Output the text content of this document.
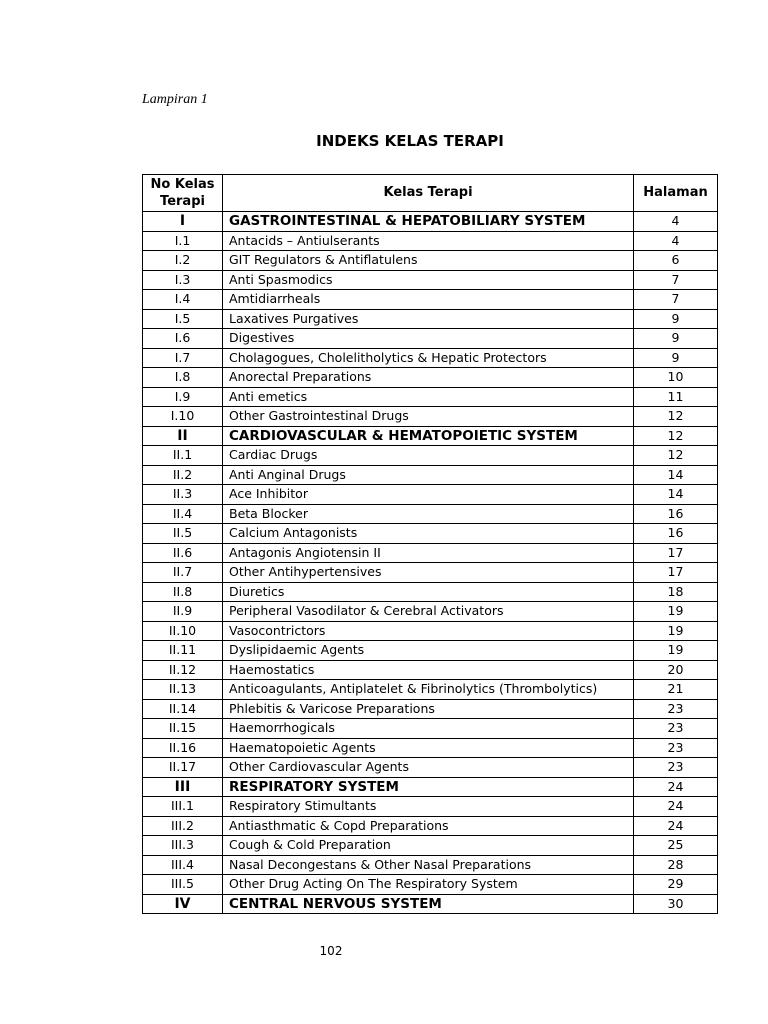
Lampiran 1
INDEKS KELAS TERAPI
No Kelas
Terapi	Kelas Terapi	Halaman
I	GASTROINTESTINAL & HEPATOBILIARY SYSTEM	4
I.1	Antacids – Antiulserants	4
I.2	GIT Regulators & Antiflatulens	6
I.3	Anti Spasmodics	7
I.4	Amtidiarrheals	7
I.5	Laxatives Purgatives	9
I.6	Digestives	9
I.7	Cholagogues, Cholelitholytics & Hepatic Protectors	9
I.8	Anorectal Preparations	10
I.9	Anti emetics	11
I.10	Other Gastrointestinal Drugs	12
II	CARDIOVASCULAR & HEMATOPOIETIC SYSTEM	12
II.1	Cardiac Drugs	12
II.2	Anti Anginal Drugs	14
II.3	Ace Inhibitor	14
II.4	Beta Blocker	16
II.5	Calcium Antagonists	16
II.6	Antagonis Angiotensin II	17
II.7	Other Antihypertensives	17
II.8	Diuretics	18
II.9	Peripheral Vasodilator & Cerebral Activators	19
II.10	Vasocontrictors	19
II.11	Dyslipidaemic Agents	19
II.12	Haemostatics	20
II.13	Anticoagulants, Antiplatelet & Fibrinolytics (Thrombolytics)	21
II.14	Phlebitis & Varicose Preparations	23
II.15	Haemorrhogicals	23
II.16	Haematopoietic Agents	23
II.17	Other Cardiovascular Agents	23
III	RESPIRATORY SYSTEM	24
III.1	Respiratory Stimultants	24
III.2	Antiasthmatic & Copd Preparations	24
III.3	Cough & Cold Preparation	25
III.4	Nasal Decongestans & Other Nasal Preparations	28
III.5	Other Drug Acting On The Respiratory System	29
IV	CENTRAL NERVOUS SYSTEM	30
102
